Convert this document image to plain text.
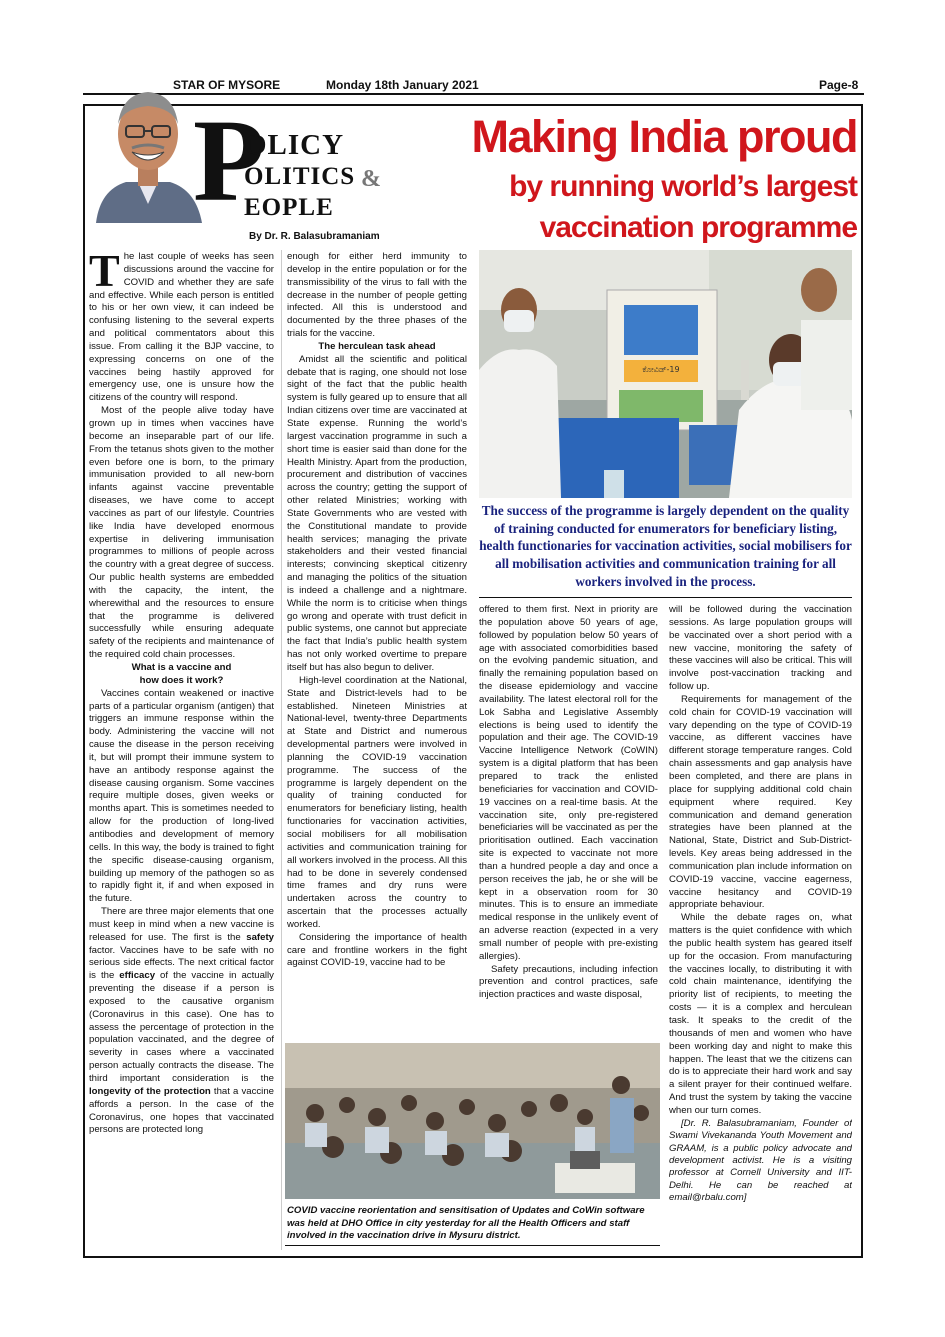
STAR OF MYSORE	Monday 18th January 2021	Page-8
P
OLICY
OLITICS &
EOPLE
By Dr. R. Balasubramaniam
Making India proud
by running world’s largest
vaccination programme
ಕೋವಿಡ್-19
The success of the programme is largely dependent on the quality of training conducted for enumerators for beneficiary listing, health functionaries for vaccination activities, social mobilisers for all mobilisation activities and communication training for all workers involved in the process.

The last couple of weeks has seen discussions around the vaccine for COVID and whether they are safe and effective. While each person is entitled to his or her own view, it can indeed be confusing listening to the several experts and political commentators about this issue. From calling it the BJP vaccine, to expressing concerns on one of the vaccines being hastily approved for emergency use, one is unsure how the citizens of the country will respond.

Most of the people alive today have grown up in times when vaccines have become an inseparable part of our life. From the tetanus shots given to the mother even before one is born, to the primary immunisation provided to all new-born infants against vaccine preventable diseases, we have come to accept vaccines as part of our lifestyle. Countries like India have developed enormous expertise in delivering immunisation programmes to millions of people across the country with a great degree of success. Our public health systems are embedded with the capacity, the intent, the wherewithal and the resources to ensure that the programme is delivered successfully while ensuring adequate safety of the recipients and maintenance of the required cold chain processes.

What is a vaccine and
how does it work?

Vaccines contain weakened or inactive parts of a particular organism (antigen) that triggers an immune response within the body. Administering the vaccine will not cause the disease in the person receiving it, but will prompt their immune system to have an antibody response against the disease causing organism. Some vaccines require multiple doses, given weeks or months apart. This is sometimes needed to allow for the production of long-lived antibodies and development of memory cells. In this way, the body is trained to fight the specific disease-causing organism, building up memory of the pathogen so as to rapidly fight it, if and when exposed in the future.

There are three major elements that one must keep in mind when a new vaccine is released for use. The first is the safety factor. Vaccines have to be safe with no serious side effects. The next critical factor is the efficacy of the vaccine in actually preventing the disease if a person is exposed to the causative organism (Coronavirus in this case). One has to assess the percentage of protection in the population vaccinated, and the degree of severity in cases where a vaccinated person actually contracts the disease. The third important consideration is the longevity of the protection that a vaccine affords a person. In the case of the Coronavirus, one hopes that vaccinated persons are protected long

enough for either herd immunity to develop in the entire population or for the transmissibility of the virus to fall with the decrease in the number of people getting infected. All this is understood and documented by the three phases of the trials for the vaccine.

The herculean task ahead

Amidst all the scientific and political debate that is raging, one should not lose sight of the fact that the public health system is fully geared up to ensure that all Indian citizens over time are vaccinated at State expense. Running the world’s largest vaccination programme in such a short time is easier said than done for the Health Ministry. Apart from the production, procurement and distribution of vaccines across the country; getting the support of other related Ministries; working with State Governments who are vested with the Constitutional mandate to provide health services; managing the private stakeholders and their vested financial interests; convincing skeptical citizenry and managing the politics of the situation is indeed a challenge and a nightmare. While the norm is to criticise when things go wrong and operate with trust deficit in public systems, one cannot but appreciate the fact that India’s public health system has not only worked overtime to prepare itself but has also begun to deliver.

High-level coordination at the National, State and District-levels had to be established. Nineteen Ministries at National-level, twenty-three Departments at State and District and numerous developmental partners were involved in planning the COVID-19 vaccination programme. The success of the programme is largely dependent on the quality of training conducted for enumerators for beneficiary listing, health functionaries for vaccination activities, social mobilisers for all mobilisation activities and communication training for all workers involved in the process. All this had to be done in severely condensed time frames and dry runs were undertaken across the country to ascertain that the processes actually worked.

Considering the importance of health care and frontline workers in the fight against COVID-19, vaccine had to be

offered to them first. Next in priority are the population above 50 years of age, followed by population below 50 years of age with associated comorbidities based on the evolving pandemic situation, and finally the remaining population based on the disease epidemiology and vaccine availability. The latest electoral roll for the Lok Sabha and Legislative Assembly elections is being used to identify the population and their age. The COVID-19 Vaccine Intelligence Network (CoWIN) system is a digital platform that has been prepared to track the enlisted beneficiaries for vaccination and COVID-19 vaccines on a real-time basis. At the vaccination site, only pre-registered beneficiaries will be vaccinated as per the prioritisation outlined. Each vaccination site is expected to vaccinate not more than a hundred people a day and once a person receives the jab, he or she will be kept in a observation room for 30 minutes. This is to ensure an immediate medical response in the unlikely event of an adverse reaction (expected in a very small number of people with pre-existing allergies).

Safety precautions, including infection prevention and control practices, safe injection practices and waste disposal,

will be followed during the vaccination sessions. As large population groups will be vaccinated over a short period with a new vaccine, monitoring the safety of these vaccines will also be critical. This will involve post-vaccination tracking and follow up.

Requirements for management of the cold chain for COVID-19 vaccination will vary depending on the type of COVID-19 vaccine, as different vaccines have different storage temperature ranges. Cold chain assessments and gap analysis have been completed, and there are plans in place for supplying additional cold chain equipment where required. Key communication and demand generation strategies have been planned at the National, State, District and Sub-District-levels. Key areas being addressed in the communication plan include information on COVID-19 vaccine, vaccine eagerness, vaccine hesitancy and COVID-19 appropriate behaviour.

While the debate rages on, what matters is the quiet confidence with which the public health system has geared itself up for the occasion. From manufacturing the vaccines locally, to distributing it with cold chain maintenance, identifying the priority list of recipients, to meeting the costs — it is a complex and herculean task. It speaks to the credit of the thousands of men and women who have been working day and night to make this happen. The least that we the citizens can do is to appreciate their hard work and say a silent prayer for their continued welfare. And trust the system by taking the vaccine when our turn comes.

[Dr. R. Balasubramaniam, Founder of Swami Vivekananda Youth Movement and GRAAM, is a public policy advocate and development activist. He is a visiting professor at Cornell University and IIT-Delhi. He can be reached at email@rbalu.com]

COVID vaccine reorientation and sensitisation of Updates and CoWin software was held at DHO Office in city yesterday for all the Health Officers and staff involved in the vaccination drive in Mysuru district.
